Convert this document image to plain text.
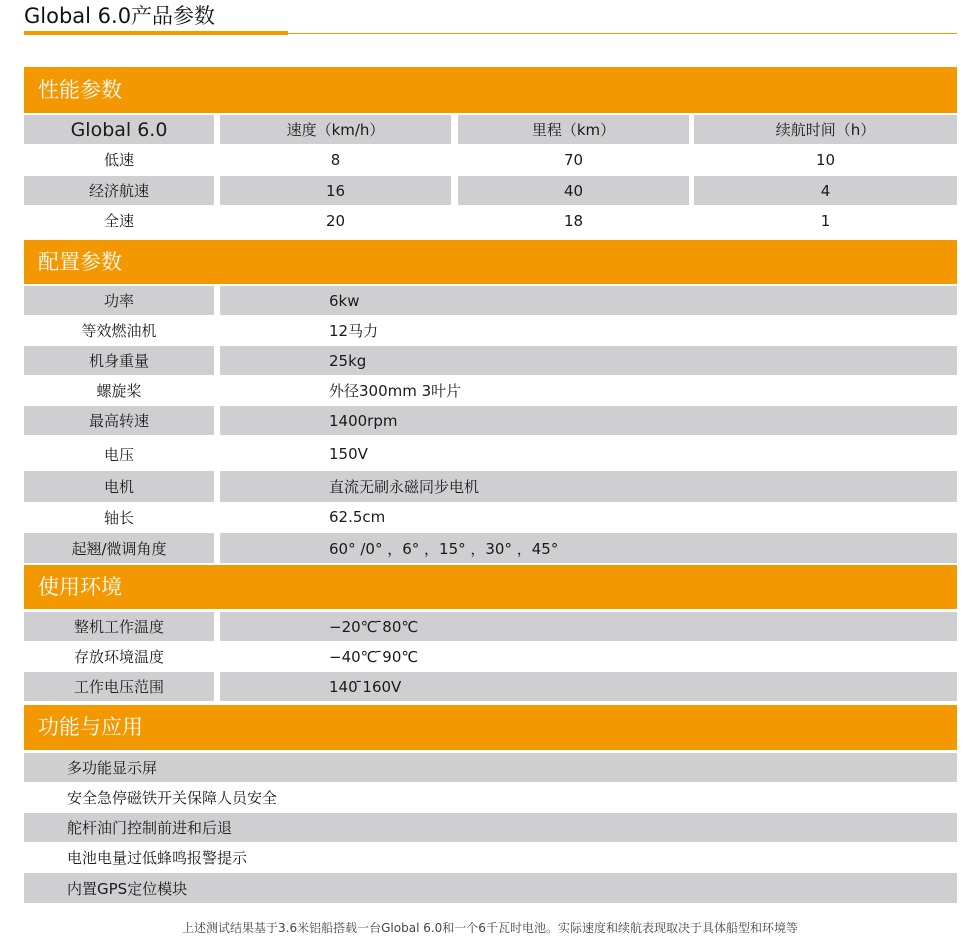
Global 6.0产品参数
性能参数
Global 6.0	速度（km/h）	里程（km）	续航时间（h）
低速	8	70	10
经济航速	16	40	4
全速	20	18	1
配置参数
功率	6kw
等效燃油机	12马力
机身重量	25kg
螺旋桨	外径300mm 3叶片
最高转速	1400rpm
电压	150V
电机	直流无刷永磁同步电机
轴长	62.5cm
起翘/微调角度	60° /0° ，6° ，15° ，30° ，45°
使用环境
整机工作温度	−20℃ ̄80℃
存放环境温度	−40℃ ̄90℃
工作电压范围	140 ̄160V
功能与应用
多功能显示屏
安全急停磁铁开关保障人员安全
舵杆油门控制前进和后退
电池电量过低蜂鸣报警提示
内置GPS定位模块
上述测试结果基于3.6米铝船搭载一台Global 6.0和一个6千瓦时电池。实际速度和续航表现取决于具体船型和环境等
